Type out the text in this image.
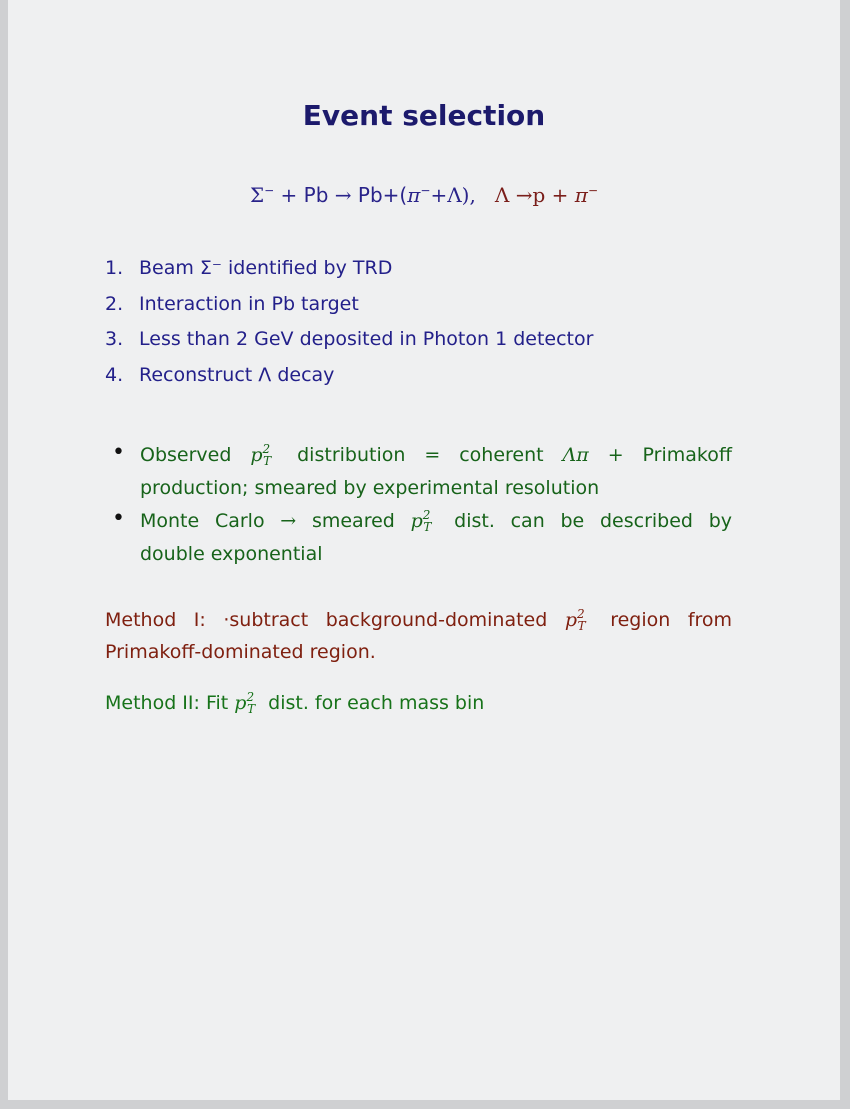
Event selection
Σ− + Pb → Pb+(π−+Λ), Λ →p + π−
1. Beam Σ⁻ identified by TRD
2. Interaction in Pb target
3. Less than 2 GeV deposited in Photon 1 detector
4. Reconstruct Λ decay
• Observed $p^2_T$ distribution = coherent Λπ + Primakoff
production; smeared by experimental resolution
• Monte Carlo → smeared $p^2_T$ dist. can be described by
double exponential
Method I: ·subtract background-dominated $p^2_T$ region from
Primakoff-dominated region.
Method II: Fit $p^2_T$ dist. for each mass bin
